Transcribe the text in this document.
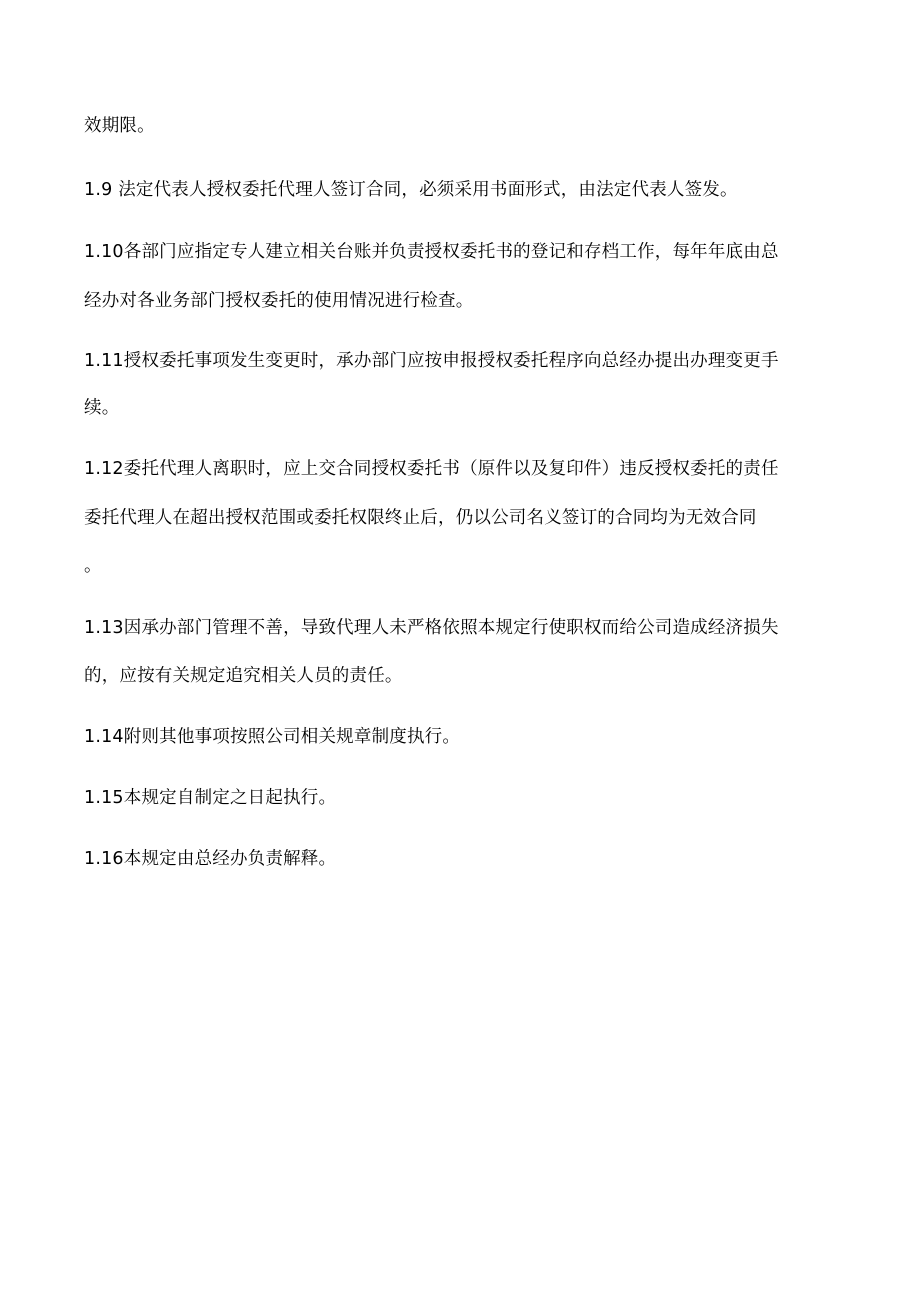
效期限。
1.9 法定代表人授权委托代理人签订合同，必须采用书面形式，由法定代表人签发。
1.10各部门应指定专人建立相关台账并负责授权委托书的登记和存档工作，每年年底由总
经办对各业务部门授权委托的使用情况进行检查。
1.11授权委托事项发生变更时，承办部门应按申报授权委托程序向总经办提出办理变更手
续。
1.12委托代理人离职时，应上交合同授权委托书（原件以及复印件）违反授权委托的责任
委托代理人在超出授权范围或委托权限终止后，仍以公司名义签订的合同均为无效合同
。
1.13因承办部门管理不善，导致代理人未严格依照本规定行使职权而给公司造成经济损失
的，应按有关规定追究相关人员的责任。
1.14附则其他事项按照公司相关规章制度执行。
1.15本规定自制定之日起执行。
1.16本规定由总经办负责解释。
